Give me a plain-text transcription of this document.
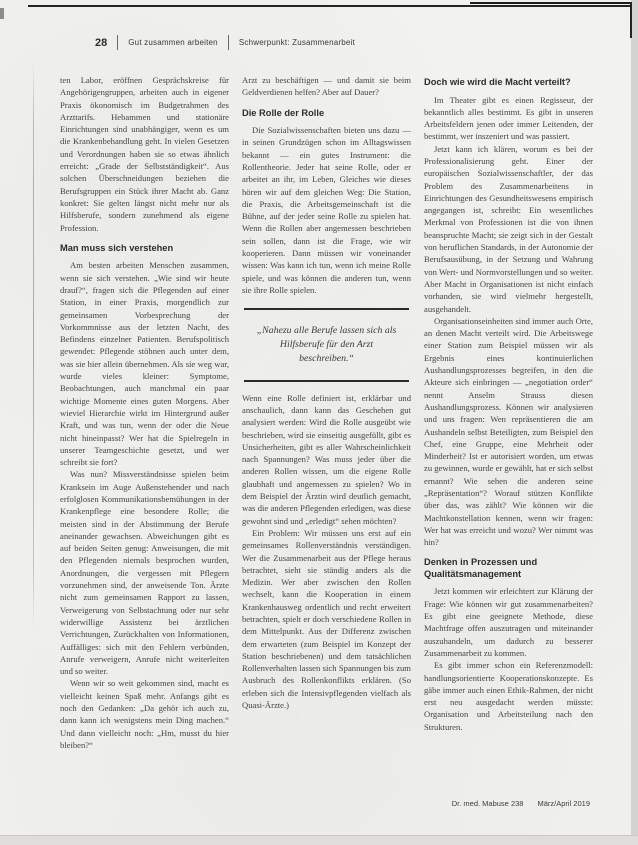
28	Gut zusammen arbeiten	Schwerpunkt: Zusammenarbeit

ten Labor, eröffnen Gesprächskreise für Angehörigengruppen, arbeiten auch in eigener Praxis ökonomisch im Budgetrahmen des Arzttarifs. Hebammen und stationäre Einrichtungen sind unabhängiger, wenn es um die Krankenbehandlung geht. In vielen Gesetzen und Verordnungen haben sie so etwas ähnlich erreicht: „Grade der Selbstständigkeit“. Aus solchen Überschneidungen beziehen die Berufsgruppen ein Stück ihrer Macht ab. Ganz konkret: Sie gelten längst nicht mehr nur als Hilfsberufe, sondern zunehmend als eigene Profession.

Man muss sich verstehen

Am besten arbeiten Menschen zusammen, wenn sie sich verstehen. „Wie sind wir heute drauf?“, fragen sich die Pflegenden auf einer Station, in einer Praxis, morgendlich zur gemeinsamen Vorbesprechung der Vorkommnisse aus der letzten Nacht, des Befindens einzelner Patienten. Berufspolitisch gewendet: Pflegende stöhnen auch unter dem, was sie hier allein übernehmen. Als sie weg war, wurde vieles kleiner: Symptome, Beobachtungen, auch manchmal ein paar wichtige Momente eines guten Morgens. Aber wieviel Hierarchie wirkt im Hintergrund außer Kraft, und was tun, wenn der oder die Neue nicht hineinpasst? Wer hat die Spielregeln in unserer Teamgeschichte gesetzt, und wer schreibt sie fort?

Was nun? Missverständnisse spielen beim Kranksein im Auge Außenstehender und nach erfolglosen Kommunikationsbemühungen in der Krankenpflege eine besondere Rolle; die meisten sind in der Abstimmung der Berufe aneinander gewachsen. Abweichungen gibt es auf beiden Seiten genug: Anweisungen, die mit den Pflegenden niemals besprochen wurden, Anordnungen, die vergessen mit Pflegern vorzunehmen sind, der anweisende Ton. Ärzte nicht zum gemeinsamen Rapport zu lassen, Verweigerung von Selbstachtung oder nur sehr widerwillige Assistenz bei ärztlichen Verrichtungen, Zurückhalten von Informationen, Auffälliges: sich mit den Fehlern verbünden, Anrufe verweigern, Anrufe nicht weiterleiten und so weiter.

Wenn wir so weit gekommen sind, macht es vielleicht keinen Spaß mehr. Anfangs gibt es noch den Gedanken: „Da gehör ich auch zu, dann kann ich wenigstens mein Ding machen.“ Und dann vielleicht noch: „Hm, musst du hier bleiben?“

Arzt zu beschäftigen — und damit sie beim Geldverdienen helfen? Aber auf Dauer?

Die Rolle der Rolle

Die Sozialwissenschaften bieten uns dazu — in seinen Grundzügen schon im Alltagswissen bekannt — ein gutes Instrument: die Rollentheorie. Jeder hat seine Rolle, oder er arbeitet an ihr, im Leben, Gleiches wie dieses hören wir auf dem gleichen Weg: Die Station, die Praxis, die Arbeitsgemeinschaft ist die Bühne, auf der jeder seine Rolle zu spielen hat. Wenn die Rollen aber angemessen beschrieben sein sollen, dann ist die Frage, wie wir kooperieren. Dann müssen wir voneinander wissen: Was kann ich tun, wenn ich meine Rolle spiele, und was können die anderen tun, wenn sie ihre Rolle spielen.

„Nahezu alle Berufe lassen sich als Hilfsberufe für den Arzt beschreiben.“

Wenn eine Rolle definiert ist, erklärbar und anschaulich, dann kann das Geschehen gut analysiert werden: Wird die Rolle ausgeübt wie beschrieben, wird sie einseitig ausgefüllt, gibt es Unsicherheiten, gibt es aller Wahrscheinlichkeit nach Spannungen? Was muss jeder über die anderen Rollen wissen, um die eigene Rolle glaubhaft und angemessen zu spielen? Wo in dem Beispiel der Ärztin wird deutlich gemacht, was die anderen Pflegenden erledigen, was diese gewohnt sind und „erledigt“ sehen möchten?

Ein Problem: Wir müssen uns erst auf ein gemeinsames Rollenverständnis verständigen. Wer die Zusammenarbeit aus der Pflege heraus betrachtet, sieht sie ständig anders als die Medizin. Wer aber zwischen den Rollen wechselt, kann die Kooperation in einem Krankenhausweg ordentlich und recht erweitert betrachten, spielt er doch verschiedene Rollen in dem Mittelpunkt. Aus der Differenz zwischen dem erwarteten (zum Beispiel im Konzept der Station beschriebenen) und dem tatsächlichen Rollenverhalten lassen sich Spannungen bis zum Ausbruch des Rollenkonflikts erklären. (So erleben sich die Intensivpflegenden vielfach als Quasi-Ärzte.)

Doch wie wird die Macht verteilt?

Im Theater gibt es einen Regisseur, der bekanntlich alles bestimmt. Es gibt in unseren Arbeitsfeldern jenen oder immer Leitenden, der bestimmt, wer inszeniert und was passiert.

Jetzt kann ich klären, worum es bei der Professionalisierung geht. Einer der europäischen Sozialwissenschaftler, der das Problem des Zusammenarbeitens in Einrichtungen des Gesundheitswesens empirisch angegangen ist, schreibt: Ein wesentliches Merkmal von Professionen ist die von ihnen beanspruchte Macht; sie zeigt sich in der Gestalt von beruflichen Standards, in der Autonomie der Berufsausübung, in der Setzung und Wahrung von Wert- und Normvorstellungen und so weiter. Aber Macht in Organisationen ist nicht einfach vorhanden, sie wird vielmehr hergestellt, ausgehandelt.

Organisationseinheiten sind immer auch Orte, an denen Macht verteilt wird. Die Arbeitswege einer Station zum Beispiel müssen wir als Ergebnis eines kontinuierlichen Aushandlungsprozesses begreifen, in den die Akteure sich einbringen — „negotiation order“ nennt Anselm Strauss diesen Aushandlungsprozess. Können wir analysieren und uns fragen: Wen repräsentieren die am Aushandeln selbst Beteiligten, zum Beispiel den Chef, eine Gruppe, eine Mehrheit oder Minderheit? Ist er autorisiert worden, um etwas zu gewinnen, wurde er gewählt, hat er sich selbst ernannt? Wie sehen die anderen seine „Repräsentation“? Worauf stützen Konflikte über das, was zählt? Wie können wir die Machtkonstellation kennen, wenn wir fragen: Wer hat was erreicht und wozu? Wer nimmt was hin?

Denken in Prozessen und Qualitätsmanagement

Jetzt kommen wir erleichtert zur Klärung der Frage: Wie können wir gut zusammenarbeiten? Es gibt eine geeignete Methode, diese Machtfrage offen auszutragen und miteinander auszuhandeln, um dadurch zu besserer Zusammenarbeit zu kommen.

Es gibt immer schon ein Referenzmodell: handlungsorientierte Kooperationskonzepte. Es gäbe immer auch einen Ethik-Rahmen, der nicht erst neu ausgedacht werden müsste: Organisation und Arbeitsteilung nach den Strukturen.

Dr. med. Mabuse 238 März/April 2019
